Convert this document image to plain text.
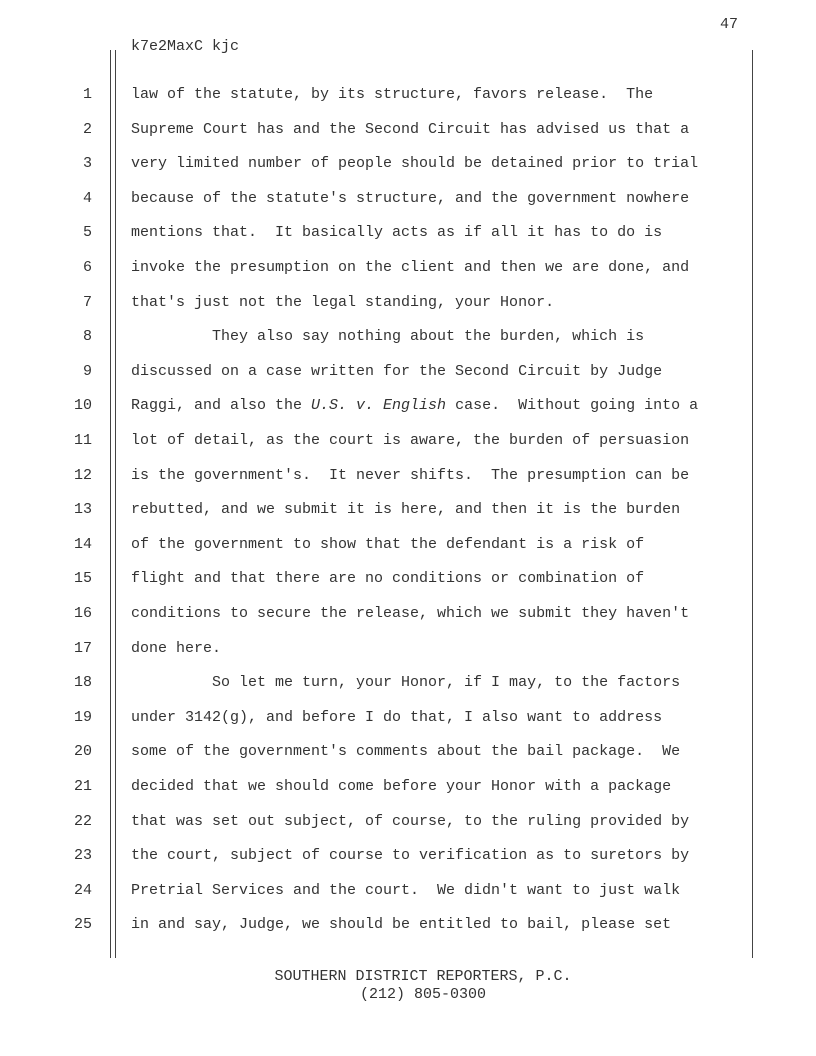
47
k7e2MaxC kjc
1	law of the statute, by its structure, favors release.  The
2	Supreme Court has and the Second Circuit has advised us that a
3	very limited number of people should be detained prior to trial
4	because of the statute's structure, and the government nowhere
5	mentions that.  It basically acts as if all it has to do is
6	invoke the presumption on the client and then we are done, and
7	that's just not the legal standing, your Honor.
8	They also say nothing about the burden, which is
9	discussed on a case written for the Second Circuit by Judge
10	Raggi, and also the U.S. v. English case.  Without going into a
11	lot of detail, as the court is aware, the burden of persuasion
12	is the government's.  It never shifts.  The presumption can be
13	rebutted, and we submit it is here, and then it is the burden
14	of the government to show that the defendant is a risk of
15	flight and that there are no conditions or combination of
16	conditions to secure the release, which we submit they haven't
17	done here.
18	So let me turn, your Honor, if I may, to the factors
19	under 3142(g), and before I do that, I also want to address
20	some of the government's comments about the bail package.  We
21	decided that we should come before your Honor with a package
22	that was set out subject, of course, to the ruling provided by
23	the court, subject of course to verification as to suretors by
24	Pretrial Services and the court.  We didn't want to just walk
25	in and say, Judge, we should be entitled to bail, please set
SOUTHERN DISTRICT REPORTERS, P.C.
(212) 805-0300
